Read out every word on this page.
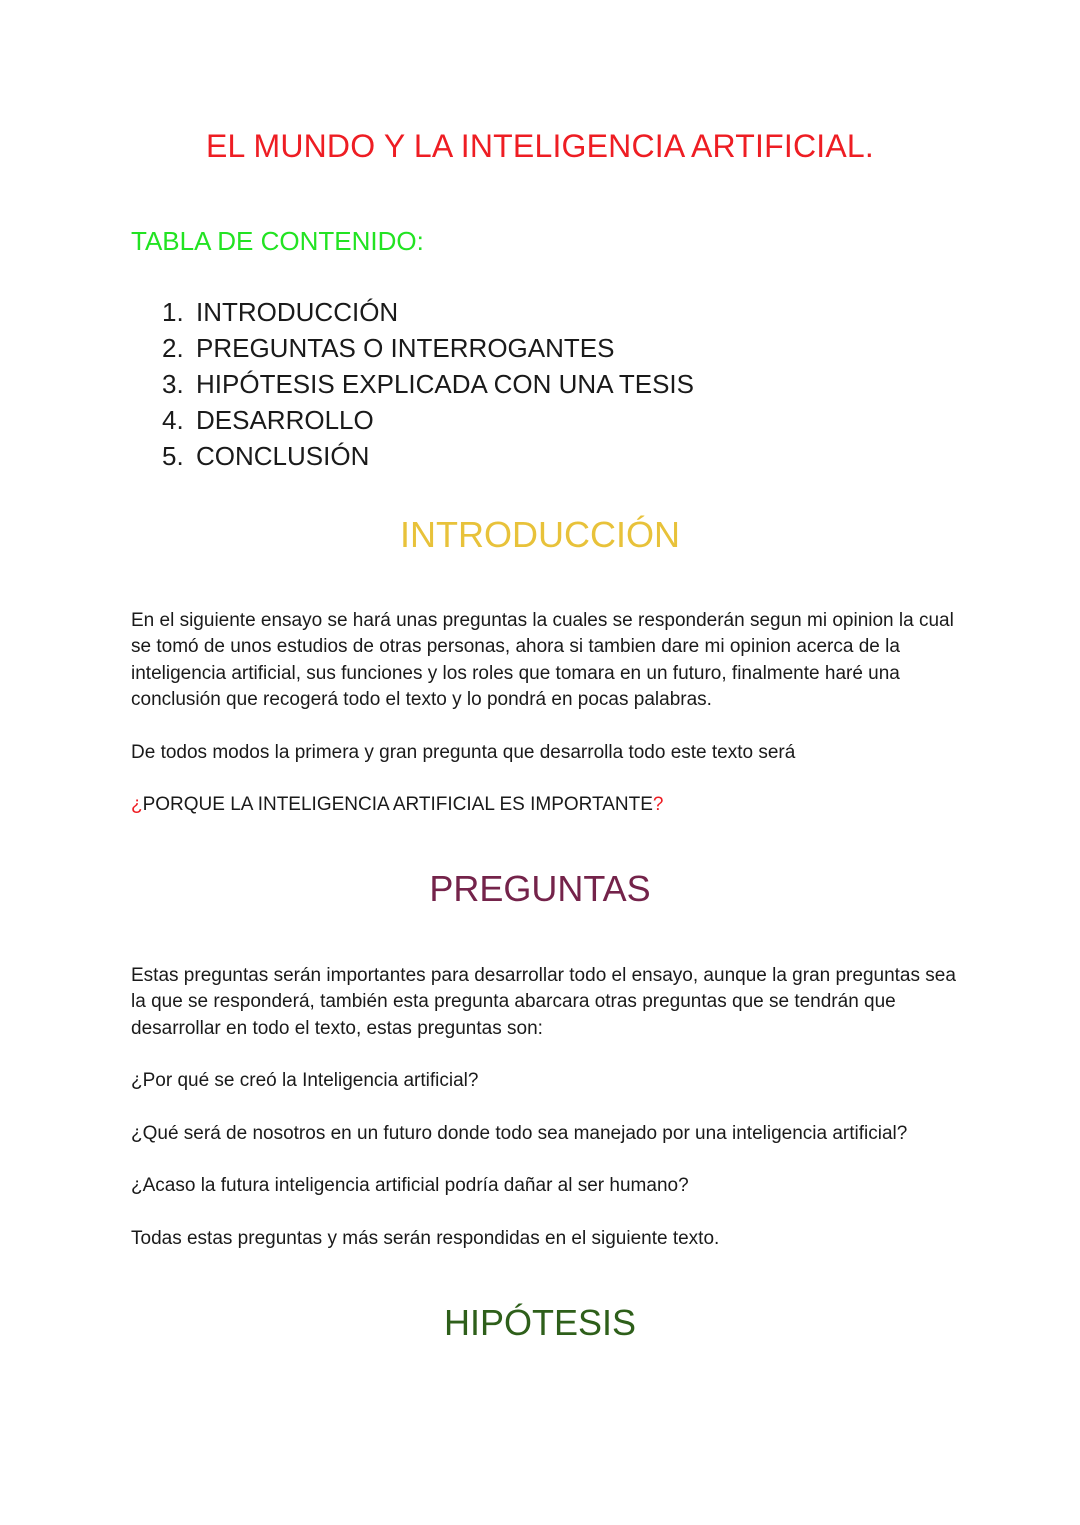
EL MUNDO Y LA INTELIGENCIA ARTIFICIAL.
TABLA DE CONTENIDO:
1. INTRODUCCIÓN
2. PREGUNTAS O INTERROGANTES
3. HIPÓTESIS EXPLICADA CON UNA TESIS
4. DESARROLLO
5. CONCLUSIÓN
INTRODUCCIÓN

En el siguiente ensayo se hará unas preguntas la cuales se responderán segun mi opinion la cual se tomó de unos estudios de otras personas, ahora si tambien dare mi opinion acerca de la inteligencia artificial, sus funciones y los roles que tomara en un futuro, finalmente haré una conclusión que recogerá todo el texto y lo pondrá en pocas palabras.

De todos modos la primera y gran pregunta que desarrolla todo este texto será

¿PORQUE LA INTELIGENCIA ARTIFICIAL ES IMPORTANTE?

PREGUNTAS

Estas preguntas serán importantes para desarrollar todo el ensayo, aunque la gran preguntas sea la que se responderá, también esta pregunta abarcara otras preguntas que se tendrán que desarrollar en todo el texto, estas preguntas son:

¿Por qué se creó la Inteligencia artificial?

¿Qué será de nosotros en un futuro donde todo sea manejado por una inteligencia artificial?

¿Acaso la futura inteligencia artificial podría dañar al ser humano?

Todas estas preguntas y más serán respondidas en el siguiente texto.

HIPÓTESIS
